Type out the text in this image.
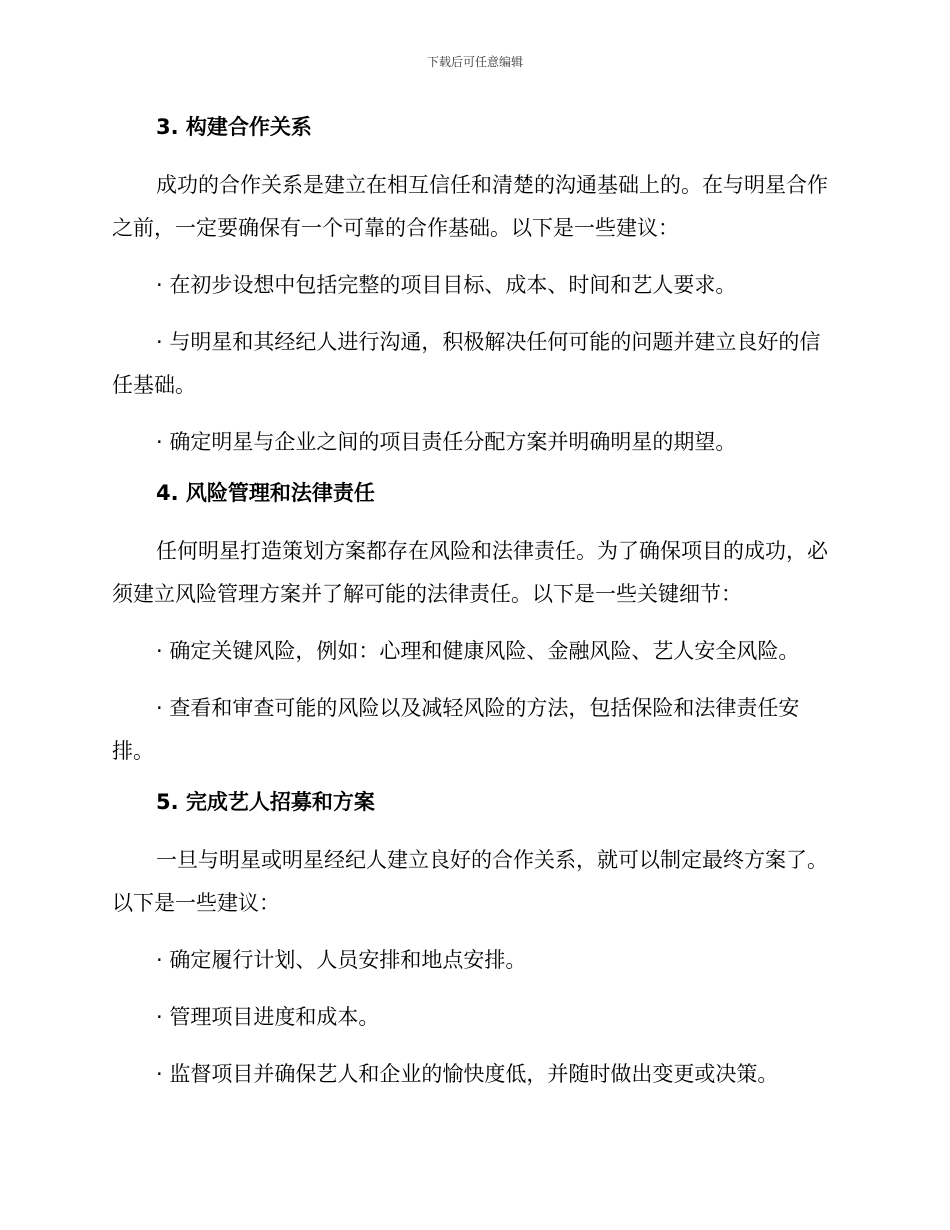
下载后可任意编辑
3. 构建合作关系

成功的合作关系是建立在相互信任和清楚的沟通基础上的。在与明星合作之前，一定要确保有一个可靠的合作基础。以下是一些建议：

· 在初步设想中包括完整的项目目标、成本、时间和艺人要求。

· 与明星和其经纪人进行沟通，积极解决任何可能的问题并建立良好的信任基础。

· 确定明星与企业之间的项目责任分配方案并明确明星的期望。

4. 风险管理和法律责任

任何明星打造策划方案都存在风险和法律责任。为了确保项目的成功，必须建立风险管理方案并了解可能的法律责任。以下是一些关键细节：

· 确定关键风险，例如：心理和健康风险、金融风险、艺人安全风险。

· 查看和审查可能的风险以及减轻风险的方法，包括保险和法律责任安排。

5. 完成艺人招募和方案

一旦与明星或明星经纪人建立良好的合作关系，就可以制定最终方案了。以下是一些建议：

· 确定履行计划、人员安排和地点安排。

· 管理项目进度和成本。

· 监督项目并确保艺人和企业的愉快度低，并随时做出变更或决策。
